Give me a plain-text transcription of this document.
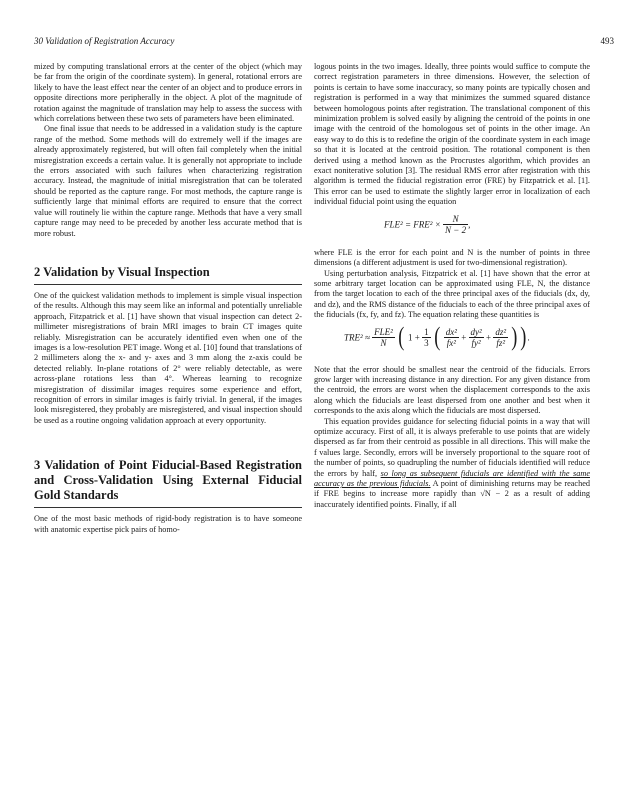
30 Validation of Registration Accuracy	493

mized by computing translational errors at the center of the object (which may be far from the origin of the coordinate system). In general, rotational errors are likely to have the least effect near the center of an object and to produce errors in opposite directions more peripherally in the object. A plot of the magnitude of rotation against the magnitude of translation may help to assess the success with which correlations between these two sets of parameters have been eliminated.

One final issue that needs to be addressed in a validation study is the capture range of the method. Some methods will do extremely well if the images are already approximately registered, but will often fail completely when the initial misregistration exceeds a certain value. It is generally not appropriate to include the errors associated with such failures when characterizing registration accuracy. Instead, the magnitude of initial misregistration that can be tolerated should be reported as the capture range. For most methods, the capture range is sufficiently large that minimal efforts are required to ensure that the correct value will routinely lie within the capture range. Methods that have a very small capture range may need to be preceded by another less accurate method that is more robust.

2 Validation by Visual Inspection

One of the quickest validation methods to implement is simple visual inspection of the results. Although this may seem like an informal and potentially unreliable approach, Fitzpatrick et al. [1] have shown that visual inspection can detect 2-millimeter misregistrations of brain MRI images to brain CT images quite reliably. Misregistration can be accurately identified even when one of the images is a low-resolution PET image. Wong et al. [10] found that translations of 2 millimeters along the x- and y- axes and 3 mm along the z-axis could be detected reliably. In-plane rotations of 2° were reliably detectable, as were across-plane rotations less than 4°. Whereas learning to recognize misregistration of dissimilar images requires some experience and effort, recognition of errors in similar images is fairly trivial. In general, if the images look misregistered, they probably are misregistered, and visual inspection should be used as a routine ongoing validation approach at every opportunity.

3 Validation of Point Fiducial-Based Registration and Cross-Validation Using External Fiducial Gold Standards

One of the most basic methods of rigid-body registration is to have someone with anatomic expertise pick pairs of homo-

logous points in the two images. Ideally, three points would suffice to compute the correct registration parameters in three dimensions. However, the selection of points is certain to have some inaccuracy, so many points are typically chosen and registration is performed in a way that minimizes the summed squared distance between homologous points after registration. The translational component of this minimization problem is solved easily by aligning the centroid of the points in one image with the centroid of the homologous set of points in the other image. An easy way to do this is to redefine the origin of the coordinate system in each image so that it is located at the centroid position. The rotational component is then derived using a method known as the Procrustes algorithm, which provides an exact noniterative solution [3]. The residual RMS error after registration with this algorithm is termed the fiducial registration error (FRE) by Fitzpatrick et al. [1]. This error can be used to estimate the slightly larger error in localization of each individual fiducial point using the equation

$FLE^2 = FRE^2 \times \frac{N}{N - 2}$ ,

where FLE is the error for each point and N is the number of points in three dimensions (a different adjustment is used for two-dimensional registration).

Using perturbation analysis, Fitzpatrick et al. [1] have shown that the error at some arbitrary target location can be approximated using FLE, N, the distance from the target location to each of the three principal axes of the fiducials (dx, dy, and dz), and the RMS distance of the fiducials to each of the three principal axes of the fiducials (fx, fy, and fz). The equation relating these quantities is

$TRE^2 \approx \frac{\text{FLE²}}{N}$ ( $1 + \frac{1}{3}$ ( $\frac{\text{dx²}}{\text{fx²}} + \frac{\text{dy²}}{\text{fy²}} + \frac{\text{dz²}}{\text{fz²}}$ ) ).

Note that the error should be smallest near the centroid of the fiducials. Errors grow larger with increasing distance in any direction. For any given distance from the centroid, the errors are worst when the displacement corresponds to the axis along which the fiducials are least dispersed from one another and best when it corresponds to the axis along which the fiducials are most dispersed.

This equation provides guidance for selecting fiducial points in a way that will optimize accuracy. First of all, it is always preferable to use points that are widely dispersed as far from their centroid as possible in all directions. This will make the f values large. Secondly, errors will be inversely proportional to the square root of the number of points, so quadrupling the number of fiducials identified will reduce the errors by half, so long as subsequent fiducials are identified with the same accuracy as the previous fiducials. A point of diminishing returns may be reached if FRE begins to increase more rapidly than √N − 2 as a result of adding inaccurately identified points. Finally, if all
